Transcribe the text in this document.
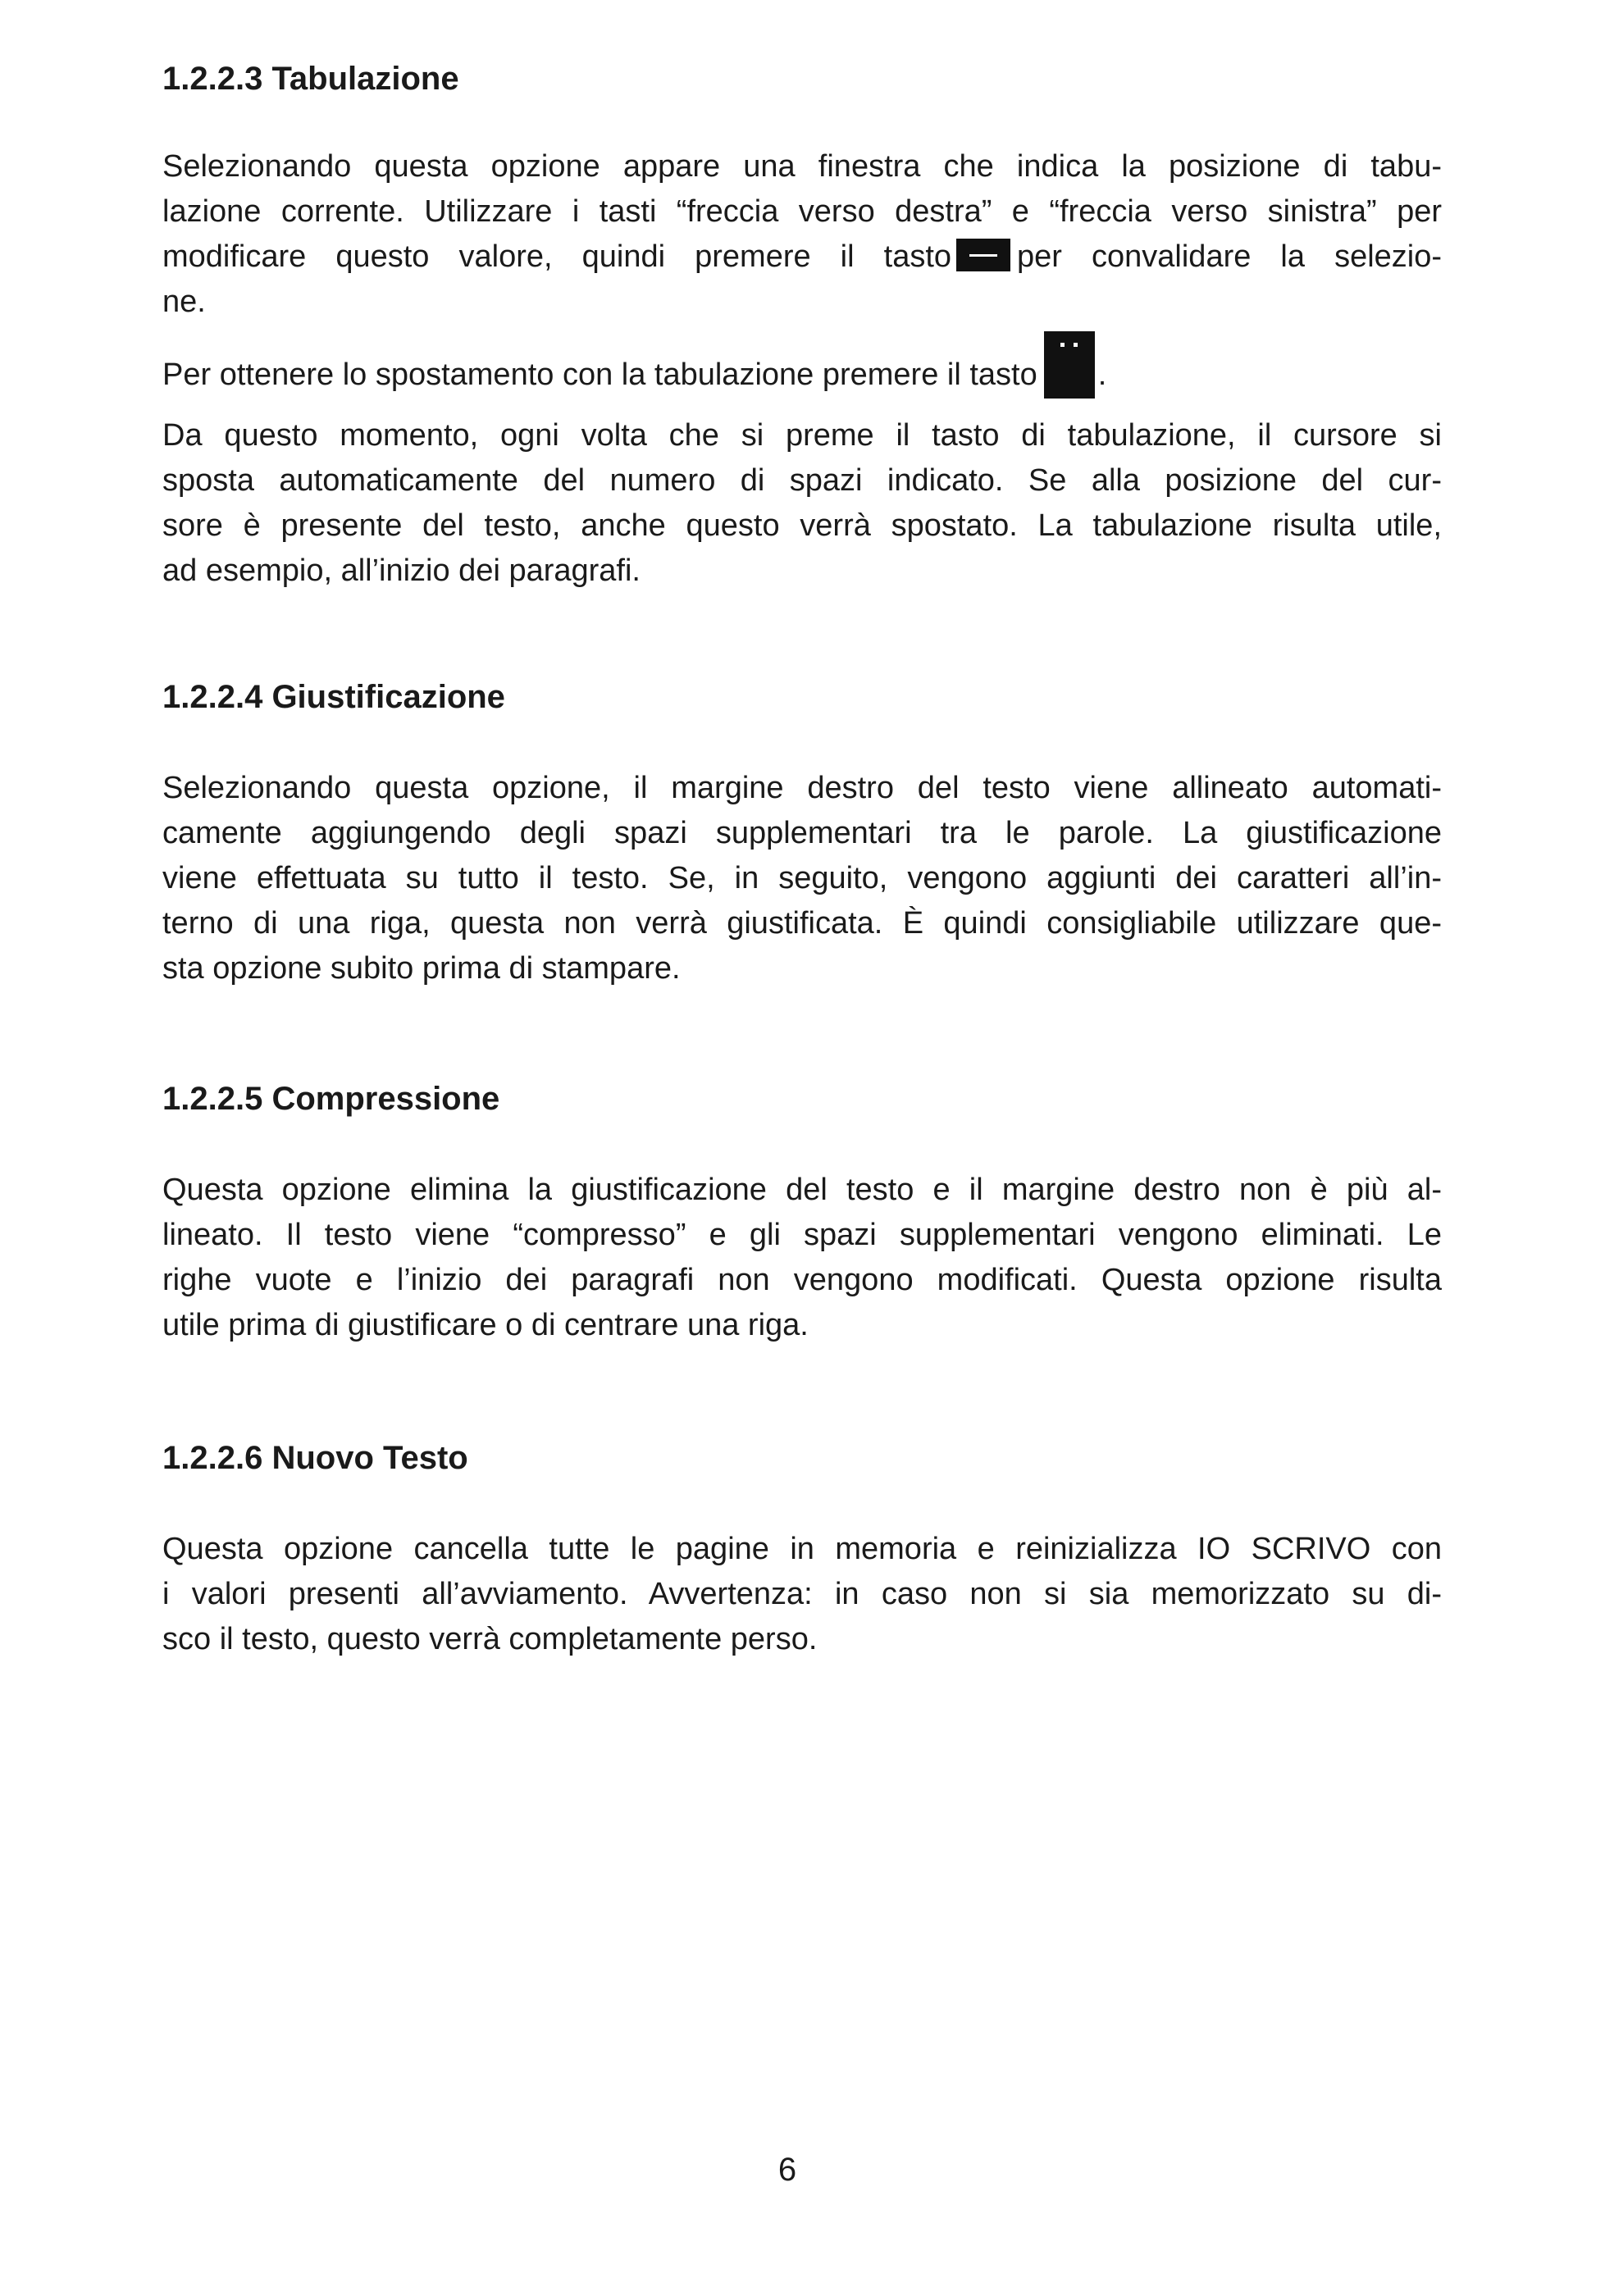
1.2.2.3 Tabulazione
Selezionando questa opzione appare una finestra che indica la posizione di tabu-
lazione corrente. Utilizzare i tasti “freccia verso destra” e “freccia verso sinistra” per
modificare questo valore, quindi premere il tasto per convalidare la selezio-
ne.
Per ottenere lo spostamento con la tabulazione premere il tasto .
Da questo momento, ogni volta che si preme il tasto di tabulazione, il cursore si
sposta automaticamente del numero di spazi indicato. Se alla posizione del cur-
sore è presente del testo, anche questo verrà spostato. La tabulazione risulta utile,
ad esempio, all’inizio dei paragrafi.
1.2.2.4 Giustificazione
Selezionando questa opzione, il margine destro del testo viene allineato automati-
camente aggiungendo degli spazi supplementari tra le parole. La giustificazione
viene effettuata su tutto il testo. Se, in seguito, vengono aggiunti dei caratteri all’in-
terno di una riga, questa non verrà giustificata. È quindi consigliabile utilizzare que-
sta opzione subito prima di stampare.
1.2.2.5 Compressione
Questa opzione elimina la giustificazione del testo e il margine destro non è più al-
lineato. Il testo viene “compresso” e gli spazi supplementari vengono eliminati. Le
righe vuote e l’inizio dei paragrafi non vengono modificati. Questa opzione risulta
utile prima di giustificare o di centrare una riga.
1.2.2.6 Nuovo Testo
Questa opzione cancella tutte le pagine in memoria e reinizializza IO SCRIVO con
i valori presenti all’avviamento. Avvertenza: in caso non si sia memorizzato su di-
sco il testo, questo verrà completamente perso.
6
